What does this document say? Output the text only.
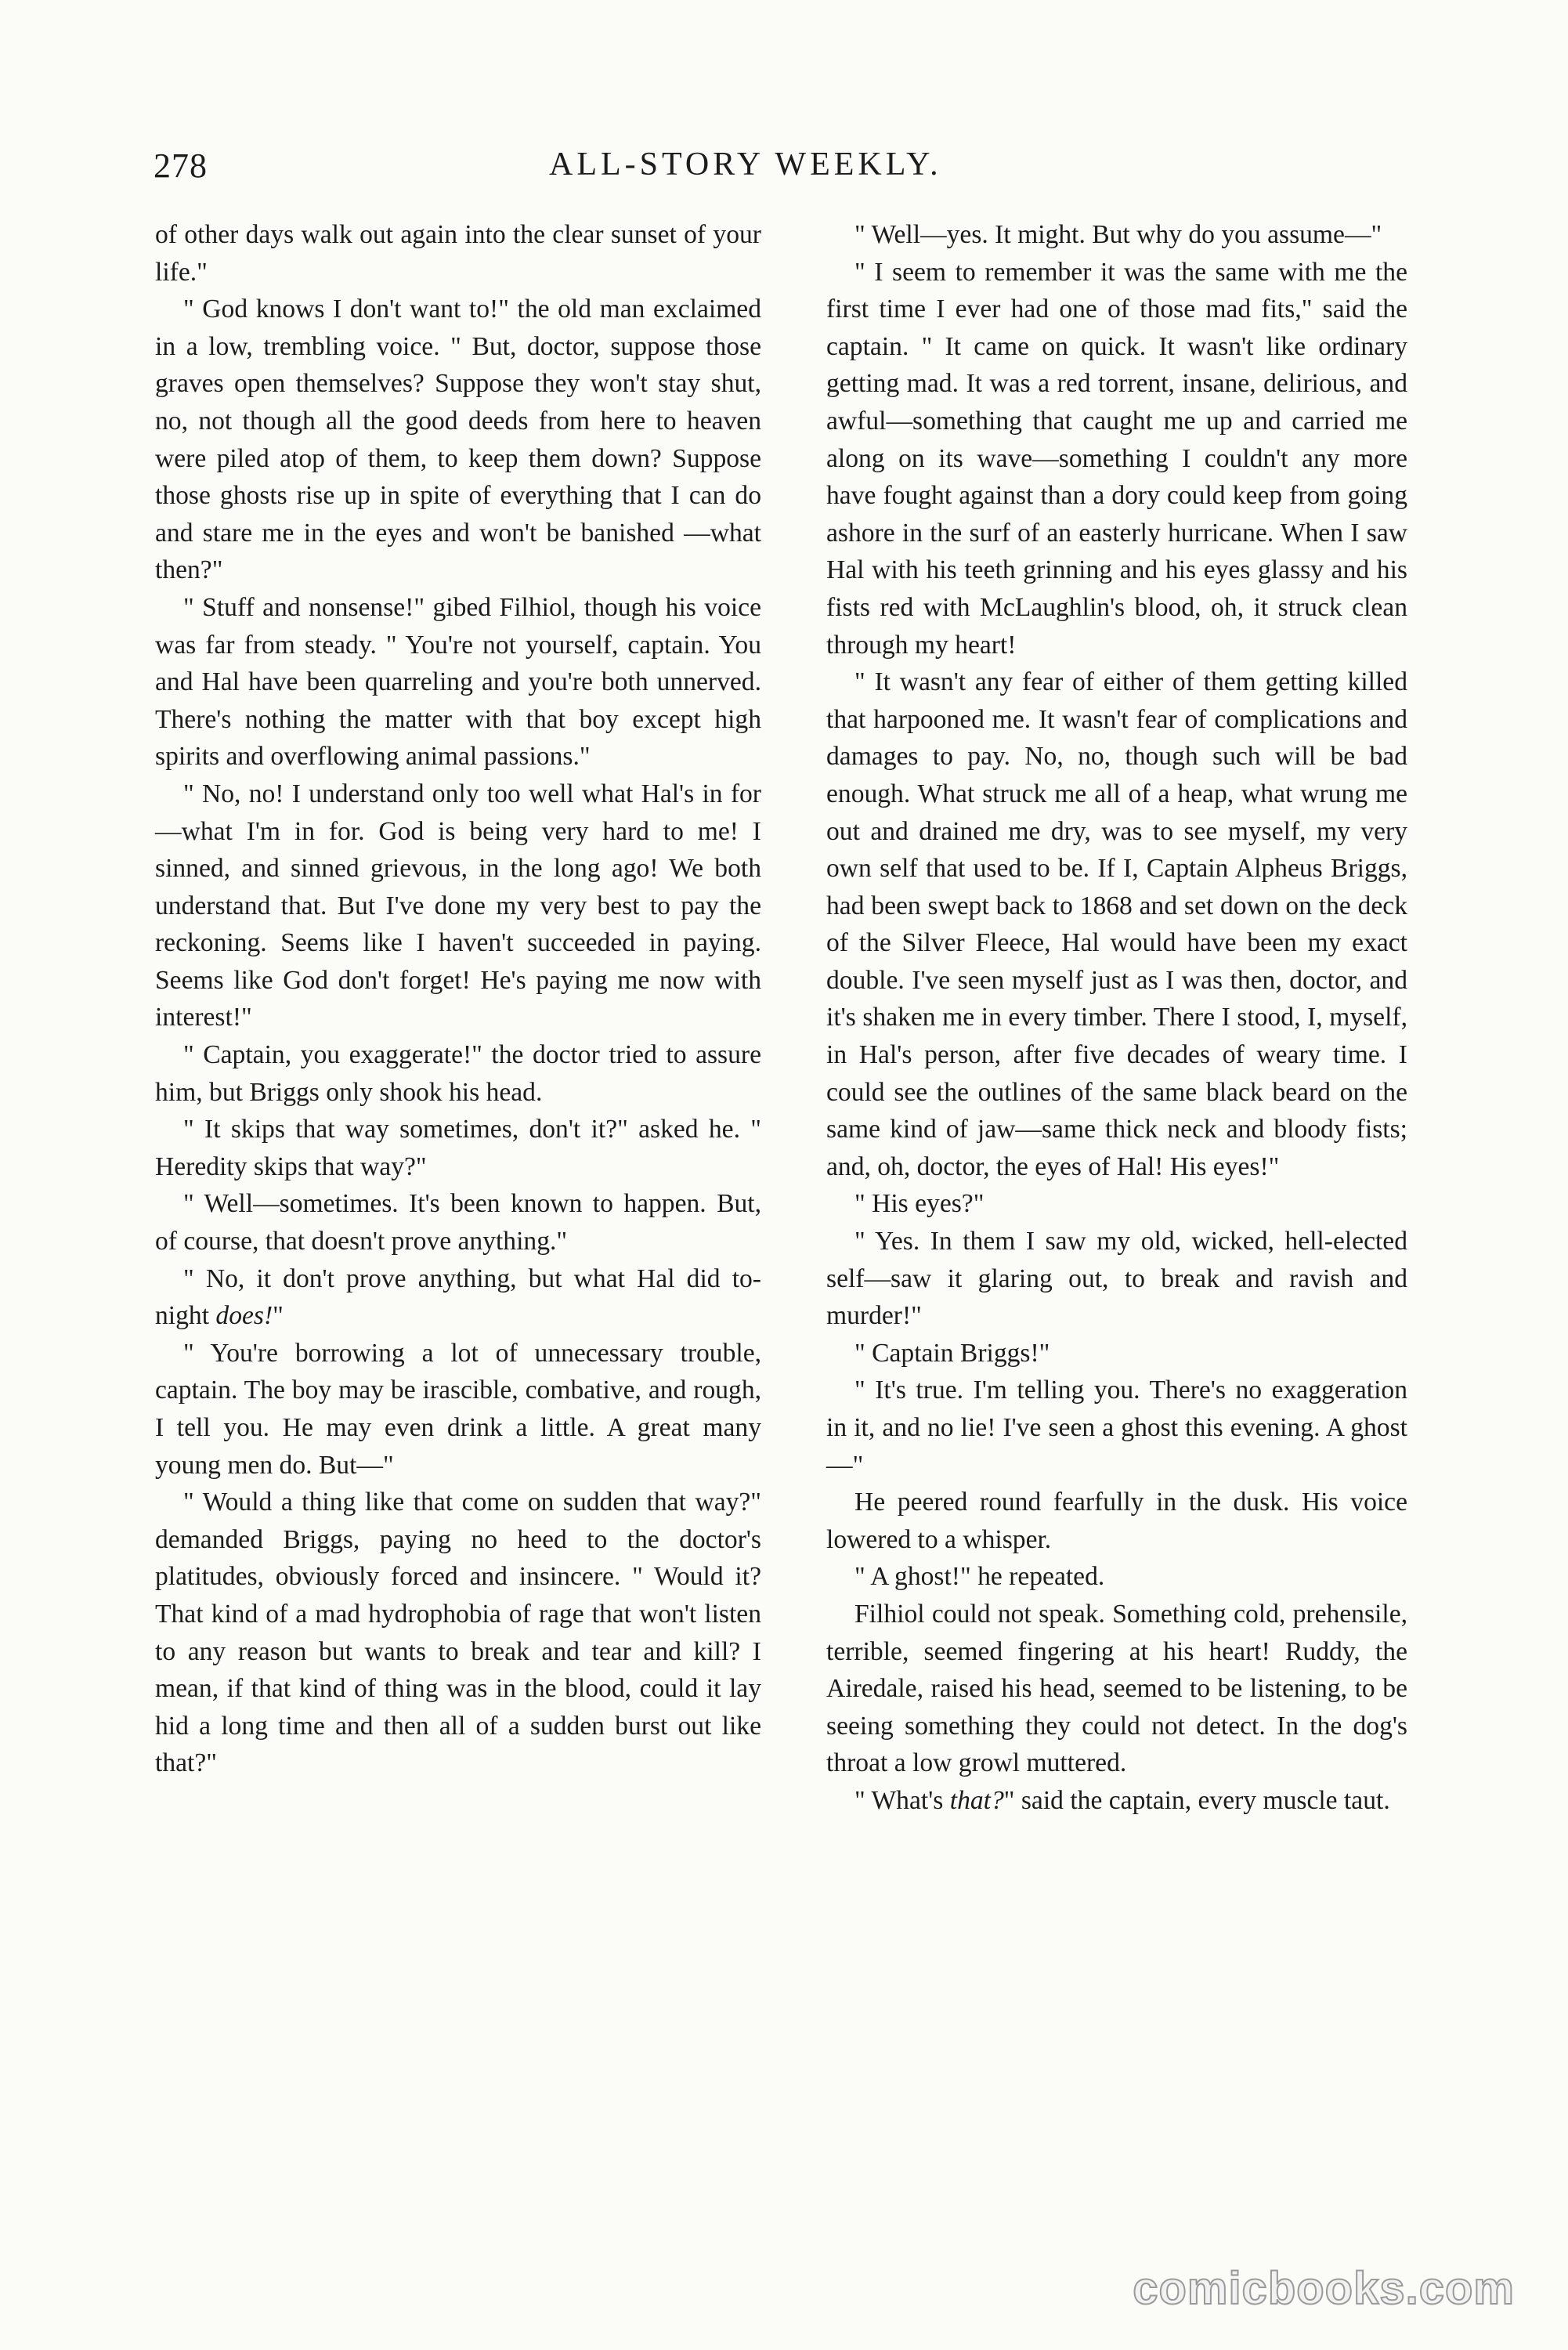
278	ALL-STORY WEEKLY.

of other days walk out again into the clear sunset of your life."

" God knows I don't want to!" the old man exclaimed in a low, trembling voice. " But, doctor, suppose those graves open themselves? Suppose they won't stay shut, no, not though all the good deeds from here to heaven were piled atop of them, to keep them down? Suppose those ghosts rise up in spite of everything that I can do and stare me in the eyes and won't be banished —what then?"

" Stuff and nonsense!" gibed Filhiol, though his voice was far from steady. " You're not yourself, captain. You and Hal have been quarreling and you're both unnerved. There's nothing the matter with that boy except high spirits and overflowing animal passions."

" No, no! I understand only too well what Hal's in for—what I'm in for. God is being very hard to me! I sinned, and sinned grievous, in the long ago! We both understand that. But I've done my very best to pay the reckoning. Seems like I haven't succeeded in paying. Seems like God don't forget! He's paying me now with interest!"

" Captain, you exaggerate!" the doctor tried to assure him, but Briggs only shook his head.

" It skips that way sometimes, don't it?" asked he. " Heredity skips that way?"

" Well—sometimes. It's been known to happen. But, of course, that doesn't prove anything."

" No, it don't prove anything, but what Hal did to-night does!"

" You're borrowing a lot of unnecessary trouble, captain. The boy may be irascible, combative, and rough, I tell you. He may even drink a little. A great many young men do. But—"

" Would a thing like that come on sudden that way?" demanded Briggs, paying no heed to the doctor's platitudes, obviously forced and insincere. " Would it? That kind of a mad hydrophobia of rage that won't listen to any reason but wants to break and tear and kill? I mean, if that kind of thing was in the blood, could it lay hid a long time and then all of a sudden burst out like that?"

" Well—yes. It might. But why do you assume—"

" I seem to remember it was the same with me the first time I ever had one of those mad fits," said the captain. " It came on quick. It wasn't like ordinary getting mad. It was a red torrent, insane, delirious, and awful—something that caught me up and carried me along on its wave—something I couldn't any more have fought against than a dory could keep from going ashore in the surf of an easterly hurricane. When I saw Hal with his teeth grinning and his eyes glassy and his fists red with McLaughlin's blood, oh, it struck clean through my heart!

" It wasn't any fear of either of them getting killed that harpooned me. It wasn't fear of complications and damages to pay. No, no, though such will be bad enough. What struck me all of a heap, what wrung me out and drained me dry, was to see myself, my very own self that used to be. If I, Captain Alpheus Briggs, had been swept back to 1868 and set down on the deck of the Silver Fleece, Hal would have been my exact double. I've seen myself just as I was then, doctor, and it's shaken me in every timber. There I stood, I, myself, in Hal's person, after five decades of weary time. I could see the outlines of the same black beard on the same kind of jaw—same thick neck and bloody fists; and, oh, doctor, the eyes of Hal! His eyes!"

" His eyes?"

" Yes. In them I saw my old, wicked, hell-elected self—saw it glaring out, to break and ravish and murder!"

" Captain Briggs!"

" It's true. I'm telling you. There's no exaggeration in it, and no lie! I've seen a ghost this evening. A ghost—"

He peered round fearfully in the dusk. His voice lowered to a whisper.

" A ghost!" he repeated.

Filhiol could not speak. Something cold, prehensile, terrible, seemed fingering at his heart! Ruddy, the Airedale, raised his head, seemed to be listening, to be seeing something they could not detect. In the dog's throat a low growl muttered.

" What's that?" said the captain, every muscle taut.

comicbooks.com
